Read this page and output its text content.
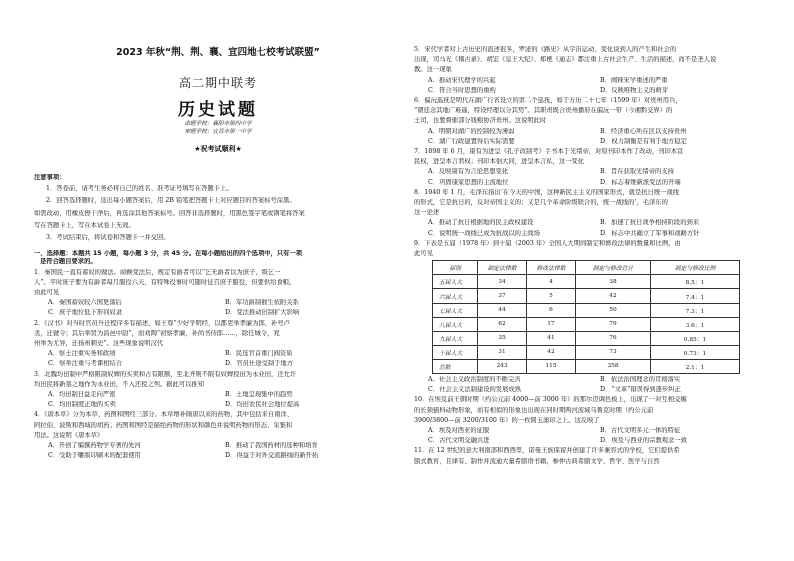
2023 年秋“荆、荆、襄、宜四地七校考试联盟”
高二期中联考
历史试题
命题学校：襄阳市第四中学
审题学校：宜昌市第一中学
★祝考试顺利★
注意事项：
1．答卷前，请考生务必将自己的姓名、准考证号填写在答题卡上。
2．回答选择题时，选出每小题答案后，用 2B 铅笔把答题卡上对应题目的答案标号涂黑。
如需改动，用橡皮擦干净后，再选涂其他答案标号。回答非选择题时，用黑色签字笔或钢笔将答案
写在答题卡上，写在本试卷上无效。
3．考试结束后，将试卷和答题卡一并交回。
一、选择题：本题共 15 小题，每小题 3 分，共 45 分。在每小题给出的四个选项中，只有一项
是符合题目要求的。
1．秦国民一直有蓄奴的做法。商鞅变法后，规定有爵者可以“乞无爵者以为庶子，级乞一
人”。平时庶子要为有爵者每月服役六天，有特殊役事时可随时征召庶子服役，但要供给食粮。
由此可见
A．秦国蓄奴较六国更落后	B．军功爵制催生依附关系
C．庶子地位低下形同奴隶	D．变法推动旧制扩大影响
2．《汉书》对当时官员升迁程序多有描述，如王尊“少好学明经，以郡吏举孝廉为郎，补号卢
丞，迁虢令；其后举贤为昌邑中尉”，而刘陶“初察孝廉，补尚书侍郎……，除任城令，兖
州举为尤异，迁扬州刺史”。这些现象说明汉代
A．察士注重实务和政绩	B．民选官首重门阀资质
C．察举注重与考课相结合	D．官员仕途受制于地方
3．北魏均田制中严格限制奴婢的买卖和占有限额，至北齐则不限有奴婢授田为永业田，还允许
均田民将新垦之地作为永业田，不入还授之列。据此可以推知
A．均田制日益走向严密	B．土地呈现集中的趋势
C．均田制度正地的买卖	D．均田农民社会地位提高
4．《唐本草》分为本草、药图和图经三部分。本草增补隋唐以来的药物，其中包括来自南洋、
阿拉伯、波斯和西域的胡药；药图和图经是描绘药物的形状和颜色并说明药物的形态、采集和
用法。这说明《唐本草》
A．开创了编撰药物学专著的先河	B．推动了我国药材的选种和培育
C．受助于雕版印刷术的配套使用	D．得益于对外交流路线的新开拓
5．宋代学者对上古历史的流述很多，罗泌的《路史》从宇宙运动、变化谈到人的产生和社会的
出现，司马光《稽古录》、胡宏《皇王大纪》、郑樵《通志》都注重上古社会生产、生活的描述，而不是圣人说
教。这一现象
A．推动宋代理学的兴起	B．阐释宋学重述的严重
C．符合当时思想的重构	D．反映唯物主义的萌芽
6．偏沅巡抚是明代在湖广行省设立的第二个巡抚，如于万历二十七年（1599 年）对贵州用兵，
“朝廷念其地广难遥，特设经理以分其势”。其职责既合贵州播府在偏沅一带（今湘黔交界）的
土司，也要督催部分钱粮协济贵州。这说明此时
A．明朝对湖广的控制较为薄弱	B．经济重心所在区以支持贵州
C．湖广行政建置得后实际需要	D．权力制衡是有利于地方稳定
7．1898 年 6 月，康有为进呈《孔子改制考》手书本于光绪帝，对原刊印本作了改动，刊印本宣
民权，进呈本言君权；刊印本倡大同，进呈本言私，这一变化
A．反映康有为言论思想变化	B．旨在获取光绪帝的支持
C．巩固康家思想的主流地位	D．标志着维新派变法的开端
8．1940 年 1 月，毛泽东指出‘在今天的中国，这种新民主主义的国家形式，就是抗日统一战线
的形式，它是抗日的，反对帝国主义的；又是几个革命阶级联合的，统一战线的’，毛泽东的
这一论述
A．推动了抗日根据地的民主政权建设	B．加速了抗日战争相持阶段的到来
C．说明统一战线已成为抗战以的主战场	D．标志中共确立了军事和战略方针
9．下表是五届（1978 年）到十届（2003 年）全国人大期间制定和修改法律的数量和比例，由
此可见
届别	制定法律数	修改法律数	制定与修改总计	制定与修改比例
五届人大	34	4	38	8.5：1
六届人大	37	5	42	7.4：1
七届人大	44	6	50	7.3：1
八届人大	62	17	79	3.6：1
九届人大	35	41	76	0.85：1
十届人大	31	42	73	0.73：1
总数	243	115	358	2.1：1
A．社会主义政治制度的不断完善	B．依法治国理念的贯彻落实
C．社会主义法制建设的发展成熟	D．“文革”错误得到逐步纠正
10．在埃及前王朝时期（约公元前 4000—前 3000 年）的那尔迈调色板上，出现了一对互相交缠
的长颈猫科动物形象，而有相似的形象也出现在同时期两河流域乌鲁克时期（约公元前
3900/3800—前 3200/3100 年）的一枚圆玉滚印之上。这反映了
A．埃及对西亚的征服	B．古代文明多元一体的特征
C．古代文明交融共进	D．埃及与西亚的宗教观念一致
11．在 12 世纪的意大利南部和西西里，诺曼王族保留并创建了许多兼容式的学校，它们提供希
腊式教育，且律有、制作并流通大量希腊语书籍，参仲古典希腊文学、哲学、医学与自然
